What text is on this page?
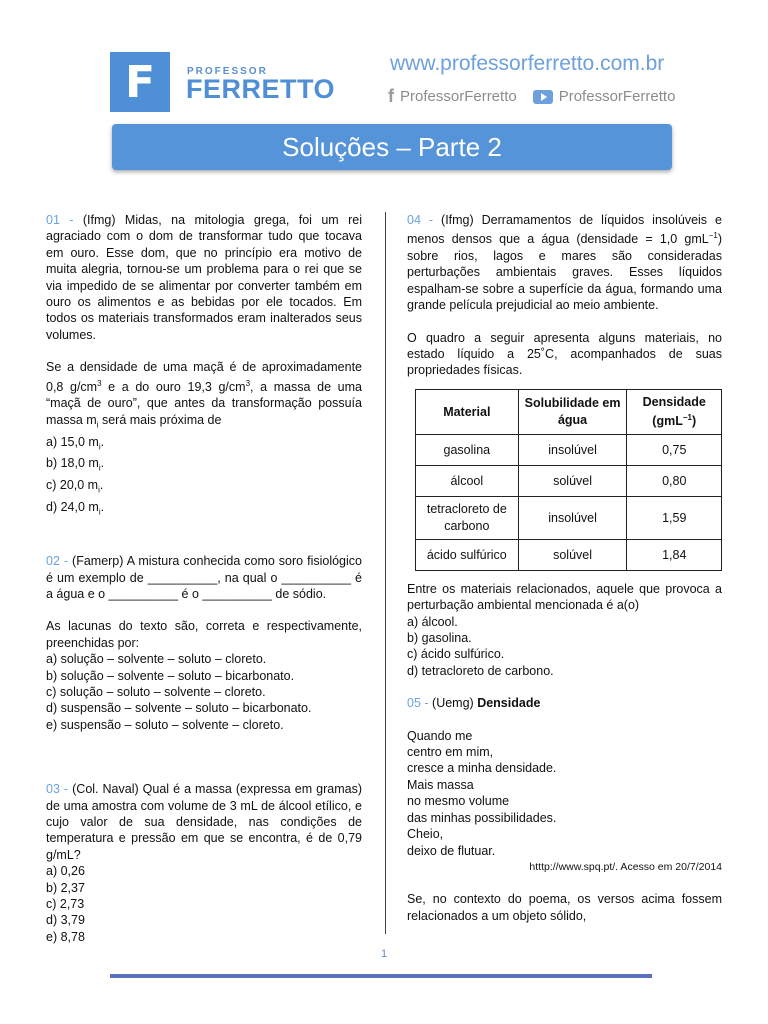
F	PROFESSOR
FERRETTO
www.professorferretto.com.br
f ProfessorFerretto	ProfessorFerretto
Soluções – Parte 2

01 - (Ifmg) Midas, na mitologia grega, foi um rei agraciado com o dom de transformar tudo que tocava em ouro. Esse dom, que no princípio era motivo de muita alegria, tornou-se um problema para o rei que se via impedido de se alimentar por converter também em ouro os alimentos e as bebidas por ele tocados. Em todos os materiais transformados eram inalterados seus volumes.

Se a densidade de uma maçã é de aproximadamente 0,8 $g/cm^3$ e a do ouro 19,3 $g/cm^3$, a massa de uma “maçã de ouro”, que antes da transformação possuía massa $m_i$ será mais próxima de

a) 15,0 $m_i$.

b) 18,0 $m_i$.

c) 20,0 $m_i$.

d) 24,0 $m_i$.

02 - (Famerp) A mistura conhecida como soro fisiológico é um exemplo de __________, na qual o __________ é a água e o __________ é o __________ de sódio.

As lacunas do texto são, correta e respectivamente, preenchidas por:

a) solução – solvente – soluto – cloreto.

b) solução – solvente – soluto – bicarbonato.

c) solução – soluto – solvente – cloreto.

d) suspensão – solvente – soluto – bicarbonato.

e) suspensão – soluto – solvente – cloreto.

03 - (Col. Naval) Qual é a massa (expressa em gramas) de uma amostra com volume de 3 mL de álcool etílico, e cujo valor de sua densidade, nas condições de temperatura e pressão em que se encontra, é de 0,79 g/mL?

a) 0,26

b) 2,37

c) 2,73

d) 3,79

e) 8,78

04 - (Ifmg) Derramamentos de líquidos insolúveis e menos densos que a água (densidade = 1,0 gmL$^{-1}$) sobre rios, lagos e mares são consideradas perturbações ambientais graves. Esses líquidos espalham-se sobre a superfície da água, formando uma grande película prejudicial ao meio ambiente.

O quadro a seguir apresenta alguns materiais, no estado líquido a 25˚C, acompanhados de suas propriedades físicas.

Material	Solubilidade em água	Densidade (gmL$^{-1}$)
gasolina	insolúvel	0,75
álcool	solúvel	0,80
tetracloreto de carbono	insolúvel	1,59
ácido sulfúrico	solúvel	1,84

Entre os materiais relacionados, aquele que provoca a perturbação ambiental mencionada é a(o)

a) álcool.

b) gasolina.

c) ácido sulfúrico.

d) tetracloreto de carbono.

05 - (Uemg) Densidade

Quando me

centro em mim,

cresce a minha densidade.

Mais massa

no mesmo volume

das minhas possibilidades.

Cheio,

deixo de flutuar.

htttp://www.spq.pt/. Acesso em 20/7/2014

Se, no contexto do poema, os versos acima fossem relacionados a um objeto sólido,

1
